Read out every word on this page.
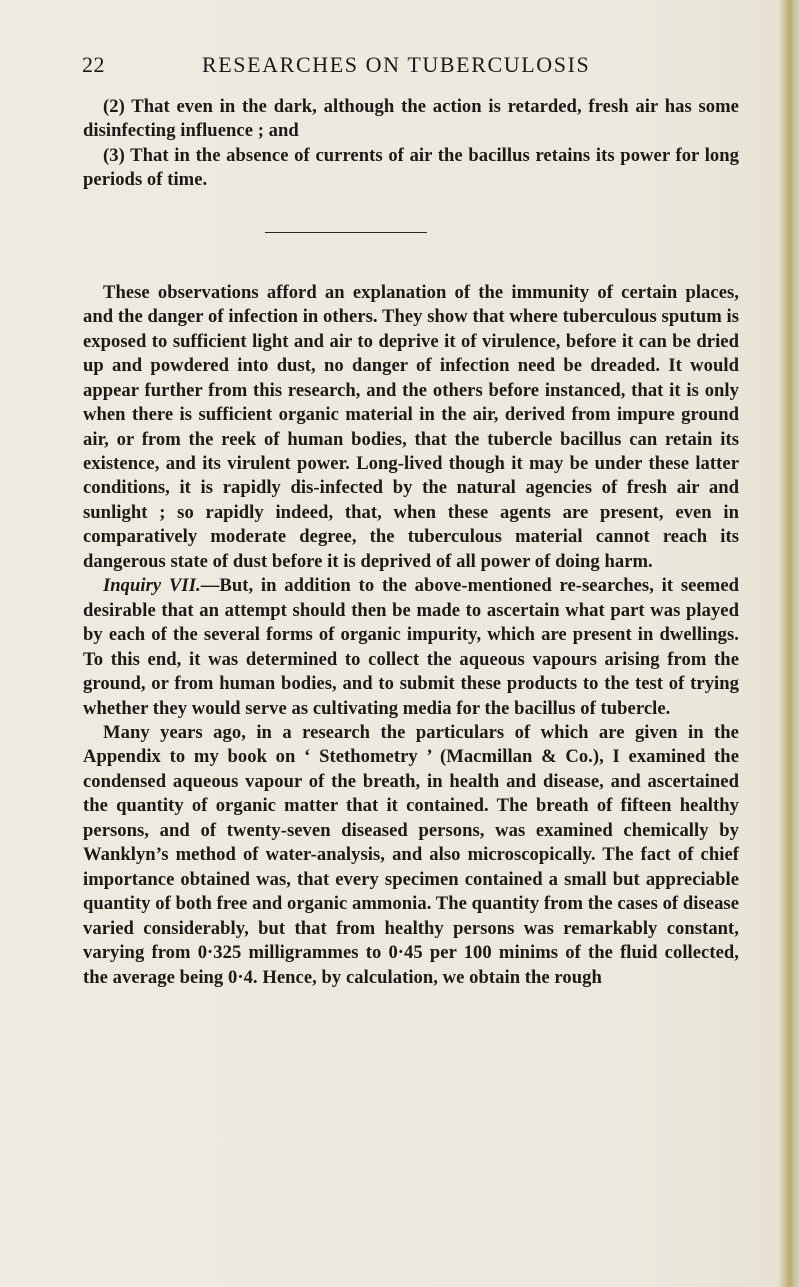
22	RESEARCHES ON TUBERCULOSIS

(2) That even in the dark, although the action is retarded, fresh air has some disinfecting influence ; and

(3) That in the absence of currents of air the bacillus retains its power for long periods of time.

These observations afford an explanation of the immunity of certain places, and the danger of infection in others. They show that where tuberculous sputum is exposed to sufficient light and air to deprive it of virulence, before it can be dried up and powdered into dust, no danger of infection need be dreaded. It would appear further from this research, and the others before instanced, that it is only when there is sufficient organic material in the air, derived from impure ground air, or from the reek of human bodies, that the tubercle bacillus can retain its existence, and its virulent power. Long-lived though it may be under these latter conditions, it is rapidly dis-infected by the natural agencies of fresh air and sunlight ; so rapidly indeed, that, when these agents are present, even in comparatively moderate degree, the tuberculous material cannot reach its dangerous state of dust before it is deprived of all power of doing harm.

Inquiry VII.—But, in addition to the above-mentioned re-searches, it seemed desirable that an attempt should then be made to ascertain what part was played by each of the several forms of organic impurity, which are present in dwellings. To this end, it was determined to collect the aqueous vapours arising from the ground, or from human bodies, and to submit these products to the test of trying whether they would serve as cultivating media for the bacillus of tubercle.

Many years ago, in a research the particulars of which are given in the Appendix to my book on ‘ Stethometry ’ (Macmillan & Co.), I examined the condensed aqueous vapour of the breath, in health and disease, and ascertained the quantity of organic matter that it contained. The breath of fifteen healthy persons, and of twenty-seven diseased persons, was examined chemically by Wanklyn’s method of water-analysis, and also microscopically. The fact of chief importance obtained was, that every specimen contained a small but appreciable quantity of both free and organic ammonia. The quantity from the cases of disease varied considerably, but that from healthy persons was remarkably constant, varying from 0·325 milligrammes to 0·45 per 100 minims of the fluid collected, the average being 0·4. Hence, by calculation, we obtain the rough
